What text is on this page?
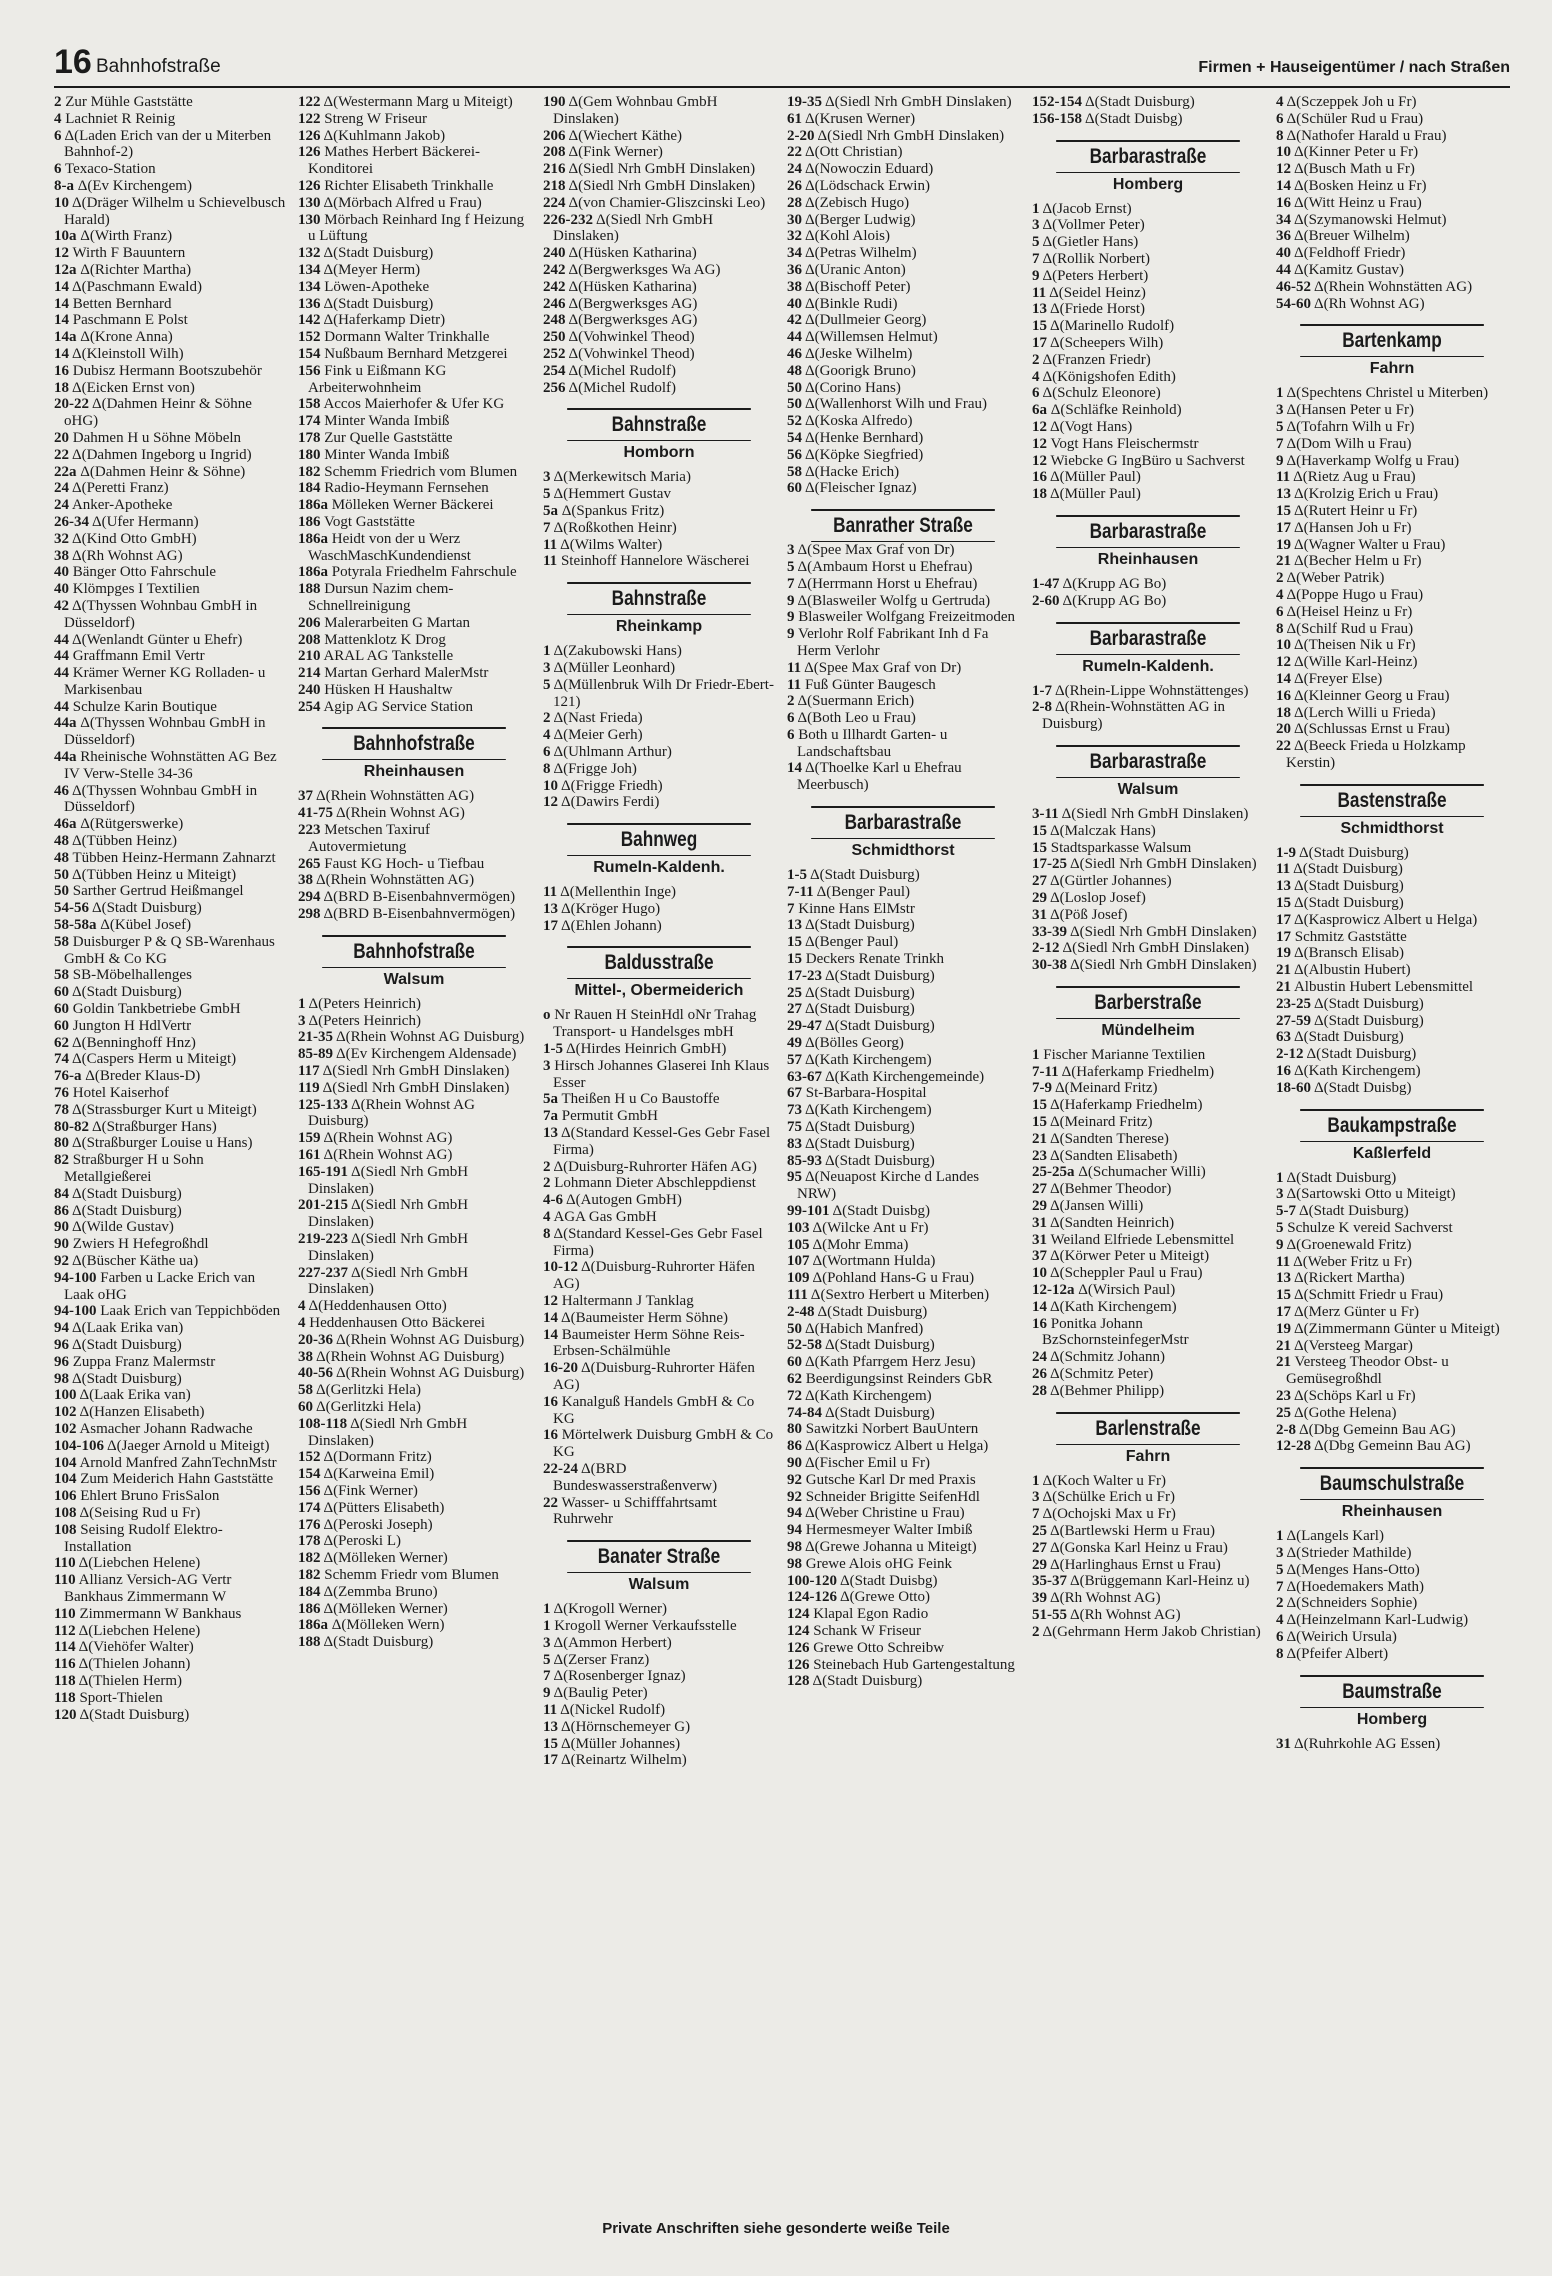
16 Bahnhofstraße	Firmen + Hauseigentümer / nach Straßen
2 Zur Mühle Gaststätte
4 Lachniet R Reinig
6 Δ(Laden Erich van der u Miterben Bahnhof-2)
6 Texaco-Station
8-a Δ(Ev Kirchengem)
10 Δ(Dräger Wilhelm u Schievelbusch Harald)
10a Δ(Wirth Franz)
12 Wirth F Bauuntern
12a Δ(Richter Martha)
14 Δ(Paschmann Ewald)
14 Betten Bernhard
14 Paschmann E Polst
14a Δ(Krone Anna)
14 Δ(Kleinstoll Wilh)
16 Dubisz Hermann Bootszubehör
18 Δ(Eicken Ernst von)
20-22 Δ(Dahmen Heinr & Söhne oHG)
20 Dahmen H u Söhne Möbeln
22 Δ(Dahmen Ingeborg u Ingrid)
22a Δ(Dahmen Heinr & Söhne)
24 Δ(Peretti Franz)
24 Anker-Apotheke
26-34 Δ(Ufer Hermann)
32 Δ(Kind Otto GmbH)
38 Δ(Rh Wohnst AG)
40 Bänger Otto Fahrschule
40 Klömpges I Textilien
42 Δ(Thyssen Wohnbau GmbH in Düsseldorf)
44 Δ(Wenlandt Günter u Ehefr)
44 Graffmann Emil Vertr
44 Krämer Werner KG Rolladen- u Markisenbau
44 Schulze Karin Boutique
44a Δ(Thyssen Wohnbau GmbH in Düsseldorf)
44a Rheinische Wohnstätten AG Bez IV Verw-Stelle 34-36
46 Δ(Thyssen Wohnbau GmbH in Düsseldorf)
46a Δ(Rütgerswerke)
48 Δ(Tübben Heinz)
48 Tübben Heinz-Hermann Zahnarzt
50 Δ(Tübben Heinz u Miteigt)
50 Sarther Gertrud Heißmangel
54-56 Δ(Stadt Duisburg)
58-58a Δ(Kübel Josef)
58 Duisburger P & Q SB-Warenhaus GmbH & Co KG
58 SB-Möbelhallenges
60 Δ(Stadt Duisburg)
60 Goldin Tankbetriebe GmbH
60 Jungton H HdlVertr
62 Δ(Benninghoff Hnz)
74 Δ(Caspers Herm u Miteigt)
76-a Δ(Breder Klaus-D)
76 Hotel Kaiserhof
78 Δ(Strassburger Kurt u Miteigt)
80-82 Δ(Straßburger Hans)
80 Δ(Straßburger Louise u Hans)
82 Straßburger H u Sohn Metallgießerei
84 Δ(Stadt Duisburg)
86 Δ(Stadt Duisburg)
90 Δ(Wilde Gustav)
90 Zwiers H Hefegroßhdl
92 Δ(Büscher Käthe ua)
94-100 Farben u Lacke Erich van Laak oHG
94-100 Laak Erich van Teppichböden
94 Δ(Laak Erika van)
96 Δ(Stadt Duisburg)
96 Zuppa Franz Malermstr
98 Δ(Stadt Duisburg)
100 Δ(Laak Erika van)
102 Δ(Hanzen Elisabeth)
102 Asmacher Johann Radwache
104-106 Δ(Jaeger Arnold u Miteigt)
104 Arnold Manfred ZahnTechnMstr
104 Zum Meiderich Hahn Gaststätte
106 Ehlert Bruno FrisSalon
108 Δ(Seising Rud u Fr)
108 Seising Rudolf Elektro-Installation
110 Δ(Liebchen Helene)
110 Allianz Versich-AG Vertr Bankhaus Zimmermann W
110 Zimmermann W Bankhaus
112 Δ(Liebchen Helene)
114 Δ(Viehöfer Walter)
116 Δ(Thielen Johann)
118 Δ(Thielen Herm)
118 Sport-Thielen
120 Δ(Stadt Duisburg)
122 Δ(Westermann Marg u Miteigt)
122 Streng W Friseur
126 Δ(Kuhlmann Jakob)
126 Mathes Herbert Bäckerei-Konditorei
126 Richter Elisabeth Trinkhalle
130 Δ(Mörbach Alfred u Frau)
130 Mörbach Reinhard Ing f Heizung u Lüftung
132 Δ(Stadt Duisburg)
134 Δ(Meyer Herm)
134 Löwen-Apotheke
136 Δ(Stadt Duisburg)
142 Δ(Haferkamp Dietr)
152 Dormann Walter Trinkhalle
154 Nußbaum Bernhard Metzgerei
156 Fink u Eißmann KG Arbeiterwohnheim
158 Accos Maierhofer & Ufer KG
174 Minter Wanda Imbiß
178 Zur Quelle Gaststätte
180 Minter Wanda Imbiß
182 Schemm Friedrich vom Blumen
184 Radio-Heymann Fernsehen
186a Mölleken Werner Bäckerei
186 Vogt Gaststätte
186a Heidt von der u Werz WaschMaschKundendienst
186a Potyrala Friedhelm Fahrschule
188 Dursun Nazim chem-Schnellreinigung
206 Malerarbeiten G Martan
208 Mattenklotz K Drog
210 ARAL AG Tankstelle
214 Martan Gerhard MalerMstr
240 Hüsken H Haushaltw
254 Agip AG Service Station
Bahnhofstraße
Rheinhausen
37 Δ(Rhein Wohnstätten AG)
41-75 Δ(Rhein Wohnst AG)
223 Metschen Taxiruf Autovermietung
265 Faust KG Hoch- u Tiefbau
38 Δ(Rhein Wohnstätten AG)
294 Δ(BRD B-Eisenbahnvermögen)
298 Δ(BRD B-Eisenbahnvermögen)
Bahnhofstraße
Walsum
1 Δ(Peters Heinrich)
3 Δ(Peters Heinrich)
21-35 Δ(Rhein Wohnst AG Duisburg)
85-89 Δ(Ev Kirchengem Aldensade)
117 Δ(Siedl Nrh GmbH Dinslaken)
119 Δ(Siedl Nrh GmbH Dinslaken)
125-133 Δ(Rhein Wohnst AG Duisburg)
159 Δ(Rhein Wohnst AG)
161 Δ(Rhein Wohnst AG)
165-191 Δ(Siedl Nrh GmbH Dinslaken)
201-215 Δ(Siedl Nrh GmbH Dinslaken)
219-223 Δ(Siedl Nrh GmbH Dinslaken)
227-237 Δ(Siedl Nrh GmbH Dinslaken)
4 Δ(Heddenhausen Otto)
4 Heddenhausen Otto Bäckerei
20-36 Δ(Rhein Wohnst AG Duisburg)
38 Δ(Rhein Wohnst AG Duisburg)
40-56 Δ(Rhein Wohnst AG Duisburg)
58 Δ(Gerlitzki Hela)
60 Δ(Gerlitzki Hela)
108-118 Δ(Siedl Nrh GmbH Dinslaken)
152 Δ(Dormann Fritz)
154 Δ(Karweina Emil)
156 Δ(Fink Werner)
174 Δ(Pütters Elisabeth)
176 Δ(Peroski Joseph)
178 Δ(Peroski L)
182 Δ(Mölleken Werner)
182 Schemm Friedr vom Blumen
184 Δ(Zemmba Bruno)
186 Δ(Mölleken Werner)
186a Δ(Mölleken Wern)
188 Δ(Stadt Duisburg)
190 Δ(Gem Wohnbau GmbH Dinslaken)
206 Δ(Wiechert Käthe)
208 Δ(Fink Werner)
216 Δ(Siedl Nrh GmbH Dinslaken)
218 Δ(Siedl Nrh GmbH Dinslaken)
224 Δ(von Chamier-Gliszcinski Leo)
226-232 Δ(Siedl Nrh GmbH Dinslaken)
240 Δ(Hüsken Katharina)
242 Δ(Bergwerksges Wa AG)
242 Δ(Hüsken Katharina)
246 Δ(Bergwerksges AG)
248 Δ(Bergwerksges AG)
250 Δ(Vohwinkel Theod)
252 Δ(Vohwinkel Theod)
254 Δ(Michel Rudolf)
256 Δ(Michel Rudolf)
Bahnstraße
Homborn
3 Δ(Merkewitsch Maria)
5 Δ(Hemmert Gustav
5a Δ(Spankus Fritz)
7 Δ(Roßkothen Heinr)
11 Δ(Wilms Walter)
11 Steinhoff Hannelore Wäscherei
Bahnstraße
Rheinkamp
1 Δ(Zakubowski Hans)
3 Δ(Müller Leonhard)
5 Δ(Müllenbruk Wilh Dr Friedr-Ebert-121)
2 Δ(Nast Frieda)
4 Δ(Meier Gerh)
6 Δ(Uhlmann Arthur)
8 Δ(Frigge Joh)
10 Δ(Frigge Friedh)
12 Δ(Dawirs Ferdi)
Bahnweg
Rumeln-Kaldenh.
11 Δ(Mellenthin Inge)
13 Δ(Kröger Hugo)
17 Δ(Ehlen Johann)
Baldusstraße
Mittel-, Obermeiderich
o Nr Rauen H SteinHdl oNr Trahag Transport- u Handelsges mbH
1-5 Δ(Hirdes Heinrich GmbH)
3 Hirsch Johannes Glaserei Inh Klaus Esser
5a Theißen H u Co Baustoffe
7a Permutit GmbH
13 Δ(Standard Kessel-Ges Gebr Fasel Firma)
2 Δ(Duisburg-Ruhrorter Häfen AG)
2 Lohmann Dieter Abschleppdienst
4-6 Δ(Autogen GmbH)
4 AGA Gas GmbH
8 Δ(Standard Kessel-Ges Gebr Fasel Firma)
10-12 Δ(Duisburg-Ruhrorter Häfen AG)
12 Haltermann J Tanklag
14 Δ(Baumeister Herm Söhne)
14 Baumeister Herm Söhne Reis-Erbsen-Schälmühle
16-20 Δ(Duisburg-Ruhrorter Häfen AG)
16 Kanalguß Handels GmbH & Co KG
16 Mörtelwerk Duisburg GmbH & Co KG
22-24 Δ(BRD Bundeswasserstraßenverw)
22 Wasser- u Schifffahrtsamt Ruhrwehr
Banater Straße
Walsum
1 Δ(Krogoll Werner)
1 Krogoll Werner Verkaufsstelle
3 Δ(Ammon Herbert)
5 Δ(Zerser Franz)
7 Δ(Rosenberger Ignaz)
9 Δ(Baulig Peter)
11 Δ(Nickel Rudolf)
13 Δ(Hörnschemeyer G)
15 Δ(Müller Johannes)
17 Δ(Reinartz Wilhelm)
19-35 Δ(Siedl Nrh GmbH Dinslaken)
61 Δ(Krusen Werner)
2-20 Δ(Siedl Nrh GmbH Dinslaken)
22 Δ(Ott Christian)
24 Δ(Nowoczin Eduard)
26 Δ(Lödschack Erwin)
28 Δ(Zebisch Hugo)
30 Δ(Berger Ludwig)
32 Δ(Kohl Alois)
34 Δ(Petras Wilhelm)
36 Δ(Uranic Anton)
38 Δ(Bischoff Peter)
40 Δ(Binkle Rudi)
42 Δ(Dullmeier Georg)
44 Δ(Willemsen Helmut)
46 Δ(Jeske Wilhelm)
48 Δ(Goorigk Bruno)
50 Δ(Corino Hans)
50 Δ(Wallenhorst Wilh und Frau)
52 Δ(Koska Alfredo)
54 Δ(Henke Bernhard)
56 Δ(Köpke Siegfried)
58 Δ(Hacke Erich)
60 Δ(Fleischer Ignaz)
Banrather Straße
3 Δ(Spee Max Graf von Dr)
5 Δ(Ambaum Horst u Ehefrau)
7 Δ(Herrmann Horst u Ehefrau)
9 Δ(Blasweiler Wolfg u Gertruda)
9 Blasweiler Wolfgang Freizeitmoden
9 Verlohr Rolf Fabrikant Inh d Fa Herm Verlohr
11 Δ(Spee Max Graf von Dr)
11 Fuß Günter Baugesch
2 Δ(Suermann Erich)
6 Δ(Both Leo u Frau)
6 Both u Illhardt Garten- u Landschaftsbau
14 Δ(Thoelke Karl u Ehefrau Meerbusch)
Barbarastraße
Schmidthorst
1-5 Δ(Stadt Duisburg)
7-11 Δ(Benger Paul)
7 Kinne Hans ElMstr
13 Δ(Stadt Duisburg)
15 Δ(Benger Paul)
15 Deckers Renate Trinkh
17-23 Δ(Stadt Duisburg)
25 Δ(Stadt Duisburg)
27 Δ(Stadt Duisburg)
29-47 Δ(Stadt Duisburg)
49 Δ(Bölles Georg)
57 Δ(Kath Kirchengem)
63-67 Δ(Kath Kirchengemeinde)
67 St-Barbara-Hospital
73 Δ(Kath Kirchengem)
75 Δ(Stadt Duisburg)
83 Δ(Stadt Duisburg)
85-93 Δ(Stadt Duisburg)
95 Δ(Neuapost Kirche d Landes NRW)
99-101 Δ(Stadt Duisbg)
103 Δ(Wilcke Ant u Fr)
105 Δ(Mohr Emma)
107 Δ(Wortmann Hulda)
109 Δ(Pohland Hans-G u Frau)
111 Δ(Sextro Herbert u Miterben)
2-48 Δ(Stadt Duisburg)
50 Δ(Habich Manfred)
52-58 Δ(Stadt Duisburg)
60 Δ(Kath Pfarrgem Herz Jesu)
62 Beerdigungsinst Reinders GbR
72 Δ(Kath Kirchengem)
74-84 Δ(Stadt Duisburg)
80 Sawitzki Norbert BauUntern
86 Δ(Kasprowicz Albert u Helga)
90 Δ(Fischer Emil u Fr)
92 Gutsche Karl Dr med Praxis
92 Schneider Brigitte SeifenHdl
94 Δ(Weber Christine u Frau)
94 Hermesmeyer Walter Imbiß
98 Δ(Grewe Johanna u Miteigt)
98 Grewe Alois oHG Feink
100-120 Δ(Stadt Duisbg)
124-126 Δ(Grewe Otto)
124 Klapal Egon Radio
124 Schank W Friseur
126 Grewe Otto Schreibw
126 Steinebach Hub Gartengestaltung
128 Δ(Stadt Duisburg)
152-154 Δ(Stadt Duisburg)
156-158 Δ(Stadt Duisbg)
Barbarastraße
Homberg
1 Δ(Jacob Ernst)
3 Δ(Vollmer Peter)
5 Δ(Gietler Hans)
7 Δ(Rollik Norbert)
9 Δ(Peters Herbert)
11 Δ(Seidel Heinz)
13 Δ(Friede Horst)
15 Δ(Marinello Rudolf)
17 Δ(Scheepers Wilh)
2 Δ(Franzen Friedr)
4 Δ(Königshofen Edith)
6 Δ(Schulz Eleonore)
6a Δ(Schläfke Reinhold)
12 Δ(Vogt Hans)
12 Vogt Hans Fleischermstr
12 Wiebcke G IngBüro u Sachverst
16 Δ(Müller Paul)
18 Δ(Müller Paul)
Barbarastraße
Rheinhausen
1-47 Δ(Krupp AG Bo)
2-60 Δ(Krupp AG Bo)
Barbarastraße
Rumeln-Kaldenh.
1-7 Δ(Rhein-Lippe Wohnstättenges)
2-8 Δ(Rhein-Wohnstätten AG in Duisburg)
Barbarastraße
Walsum
3-11 Δ(Siedl Nrh GmbH Dinslaken)
15 Δ(Malczak Hans)
15 Stadtsparkasse Walsum
17-25 Δ(Siedl Nrh GmbH Dinslaken)
27 Δ(Gürtler Johannes)
29 Δ(Loslop Josef)
31 Δ(Pöß Josef)
33-39 Δ(Siedl Nrh GmbH Dinslaken)
2-12 Δ(Siedl Nrh GmbH Dinslaken)
30-38 Δ(Siedl Nrh GmbH Dinslaken)
Barberstraße
Mündelheim
1 Fischer Marianne Textilien
7-11 Δ(Haferkamp Friedhelm)
7-9 Δ(Meinard Fritz)
15 Δ(Haferkamp Friedhelm)
15 Δ(Meinard Fritz)
21 Δ(Sandten Therese)
23 Δ(Sandten Elisabeth)
25-25a Δ(Schumacher Willi)
27 Δ(Behmer Theodor)
29 Δ(Jansen Willi)
31 Δ(Sandten Heinrich)
31 Weiland Elfriede Lebensmittel
37 Δ(Körwer Peter u Miteigt)
10 Δ(Scheppler Paul u Frau)
12-12a Δ(Wirsich Paul)
14 Δ(Kath Kirchengem)
16 Ponitka Johann BzSchornsteinfegerMstr
24 Δ(Schmitz Johann)
26 Δ(Schmitz Peter)
28 Δ(Behmer Philipp)
Barlenstraße
Fahrn
1 Δ(Koch Walter u Fr)
3 Δ(Schülke Erich u Fr)
7 Δ(Ochojski Max u Fr)
25 Δ(Bartlewski Herm u Frau)
27 Δ(Gonska Karl Heinz u Frau)
29 Δ(Harlinghaus Ernst u Frau)
35-37 Δ(Brüggemann Karl-Heinz u)
39 Δ(Rh Wohnst AG)
51-55 Δ(Rh Wohnst AG)
2 Δ(Gehrmann Herm Jakob Christian)
4 Δ(Sczeppek Joh u Fr)
6 Δ(Schüler Rud u Frau)
8 Δ(Nathofer Harald u Frau)
10 Δ(Kinner Peter u Fr)
12 Δ(Busch Math u Fr)
14 Δ(Bosken Heinz u Fr)
16 Δ(Witt Heinz u Frau)
34 Δ(Szymanowski Helmut)
36 Δ(Breuer Wilhelm)
40 Δ(Feldhoff Friedr)
44 Δ(Kamitz Gustav)
46-52 Δ(Rhein Wohnstätten AG)
54-60 Δ(Rh Wohnst AG)
Bartenkamp
Fahrn
1 Δ(Spechtens Christel u Miterben)
3 Δ(Hansen Peter u Fr)
5 Δ(Tofahrn Wilh u Fr)
7 Δ(Dom Wilh u Frau)
9 Δ(Haverkamp Wolfg u Frau)
11 Δ(Rietz Aug u Frau)
13 Δ(Krolzig Erich u Frau)
15 Δ(Rutert Heinr u Fr)
17 Δ(Hansen Joh u Fr)
19 Δ(Wagner Walter u Frau)
21 Δ(Becher Helm u Fr)
2 Δ(Weber Patrik)
4 Δ(Poppe Hugo u Frau)
6 Δ(Heisel Heinz u Fr)
8 Δ(Schilf Rud u Frau)
10 Δ(Theisen Nik u Fr)
12 Δ(Wille Karl-Heinz)
14 Δ(Freyer Else)
16 Δ(Kleinner Georg u Frau)
18 Δ(Lerch Willi u Frieda)
20 Δ(Schlussas Ernst u Frau)
22 Δ(Beeck Frieda u Holzkamp Kerstin)
Bastenstraße
Schmidthorst
1-9 Δ(Stadt Duisburg)
11 Δ(Stadt Duisburg)
13 Δ(Stadt Duisburg)
15 Δ(Stadt Duisburg)
17 Δ(Kasprowicz Albert u Helga)
17 Schmitz Gaststätte
19 Δ(Bransch Elisab)
21 Δ(Albustin Hubert)
21 Albustin Hubert Lebensmittel
23-25 Δ(Stadt Duisburg)
27-59 Δ(Stadt Duisburg)
63 Δ(Stadt Duisburg)
2-12 Δ(Stadt Duisburg)
16 Δ(Kath Kirchengem)
18-60 Δ(Stadt Duisbg)
Baukampstraße
Kaßlerfeld
1 Δ(Stadt Duisburg)
3 Δ(Sartowski Otto u Miteigt)
5-7 Δ(Stadt Duisburg)
5 Schulze K vereid Sachverst
9 Δ(Groenewald Fritz)
11 Δ(Weber Fritz u Fr)
13 Δ(Rickert Martha)
15 Δ(Schmitt Friedr u Frau)
17 Δ(Merz Günter u Fr)
19 Δ(Zimmermann Günter u Miteigt)
21 Δ(Versteeg Margar)
21 Versteeg Theodor Obst- u Gemüsegroßhdl
23 Δ(Schöps Karl u Fr)
25 Δ(Gothe Helena)
2-8 Δ(Dbg Gemeinn Bau AG)
12-28 Δ(Dbg Gemeinn Bau AG)
Baumschulstraße
Rheinhausen
1 Δ(Langels Karl)
3 Δ(Strieder Mathilde)
5 Δ(Menges Hans-Otto)
7 Δ(Hoedemakers Math)
2 Δ(Schneiders Sophie)
4 Δ(Heinzelmann Karl-Ludwig)
6 Δ(Weirich Ursula)
8 Δ(Pfeifer Albert)
Baumstraße
Homberg
31 Δ(Ruhrkohle AG Essen)
Private Anschriften siehe gesonderte weiße Teile
